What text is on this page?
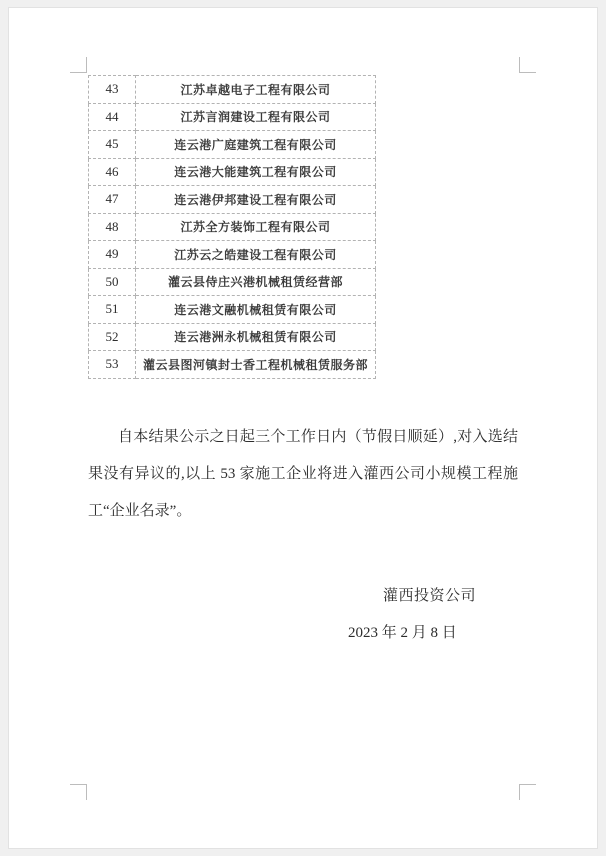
43	江苏卓越电子工程有限公司
44	江苏言润建设工程有限公司
45	连云港广庭建筑工程有限公司
46	连云港大能建筑工程有限公司
47	连云港伊邦建设工程有限公司
48	江苏全方装饰工程有限公司
49	江苏云之皓建设工程有限公司
50	灌云县侍庄兴港机械租赁经营部
51	连云港文融机械租赁有限公司
52	连云港洲永机械租赁有限公司
53	灌云县图河镇封士香工程机械租赁服务部
自本结果公示之日起三个工作日内（节假日顺延）,对入选结果没有异议的,以上 53 家施工企业将进入灌西公司小规模工程施工“企业名录”。
灌西投资公司
2023 年 2 月 8 日
